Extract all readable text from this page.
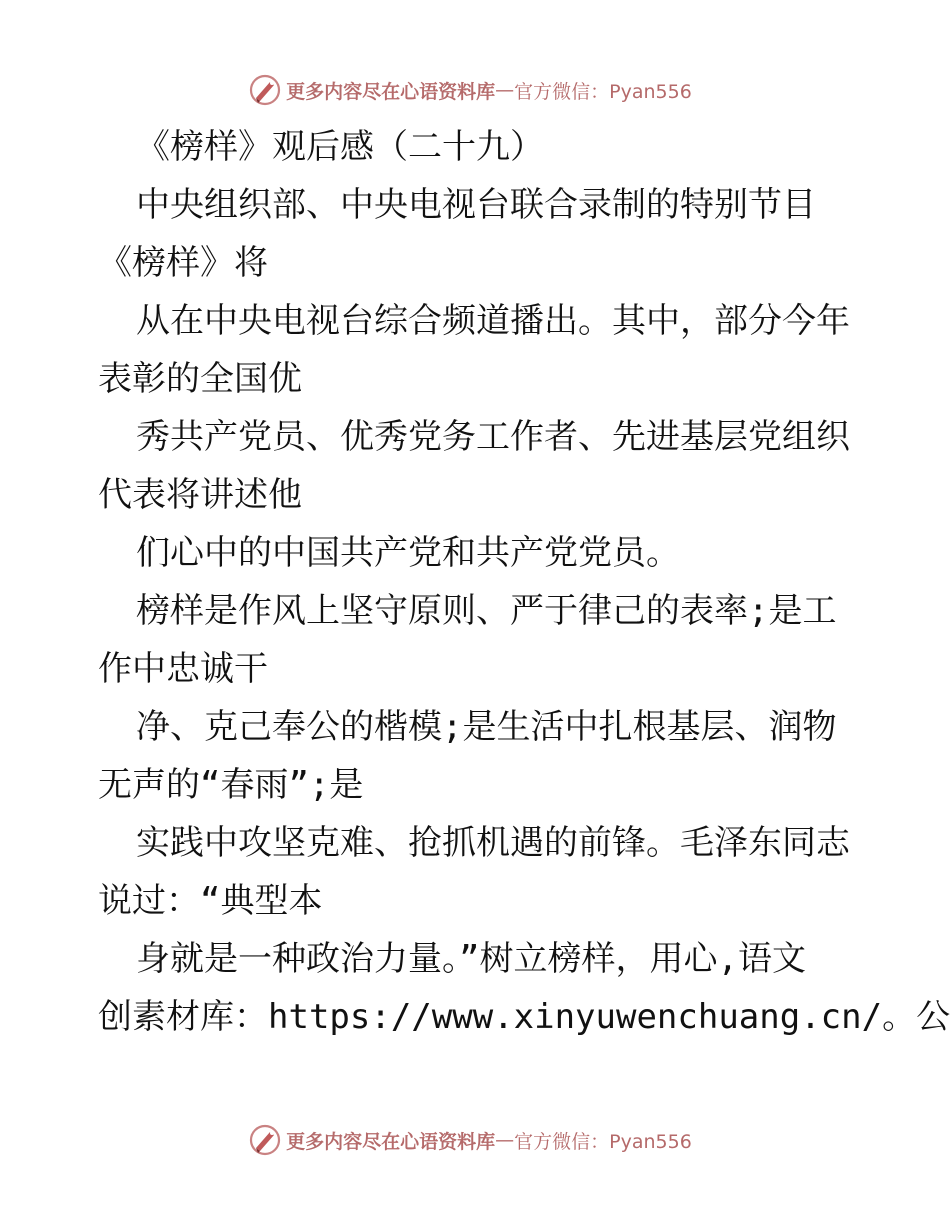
更多内容尽在心语资料库 — 官方微信：Pyan556
《榜样》观后感（二十九）
中央组织部、中央电视台联合录制的特别节目
《榜样》将
从在中央电视台综合频道播出。其中，部分今年
表彰的全国优
秀共产党员、优秀党务工作者、先进基层党组织
代表将讲述他
们心中的中国共产党和共产党党员。
榜样是作风上坚守原则、严于律己的表率;是工
作中忠诚干
净、克己奉公的楷模;是生活中扎根基层、润物
无声的“春雨”;是
实践中攻坚克难、抢抓机遇的前锋。毛泽东同志
说过：“典型本
身就是一种政治力量。”树立榜样，用心,语文
创素材库：https://www.xinyuwenchuang.cn/。公
更多内容尽在心语资料库 — 官方微信：Pyan556
